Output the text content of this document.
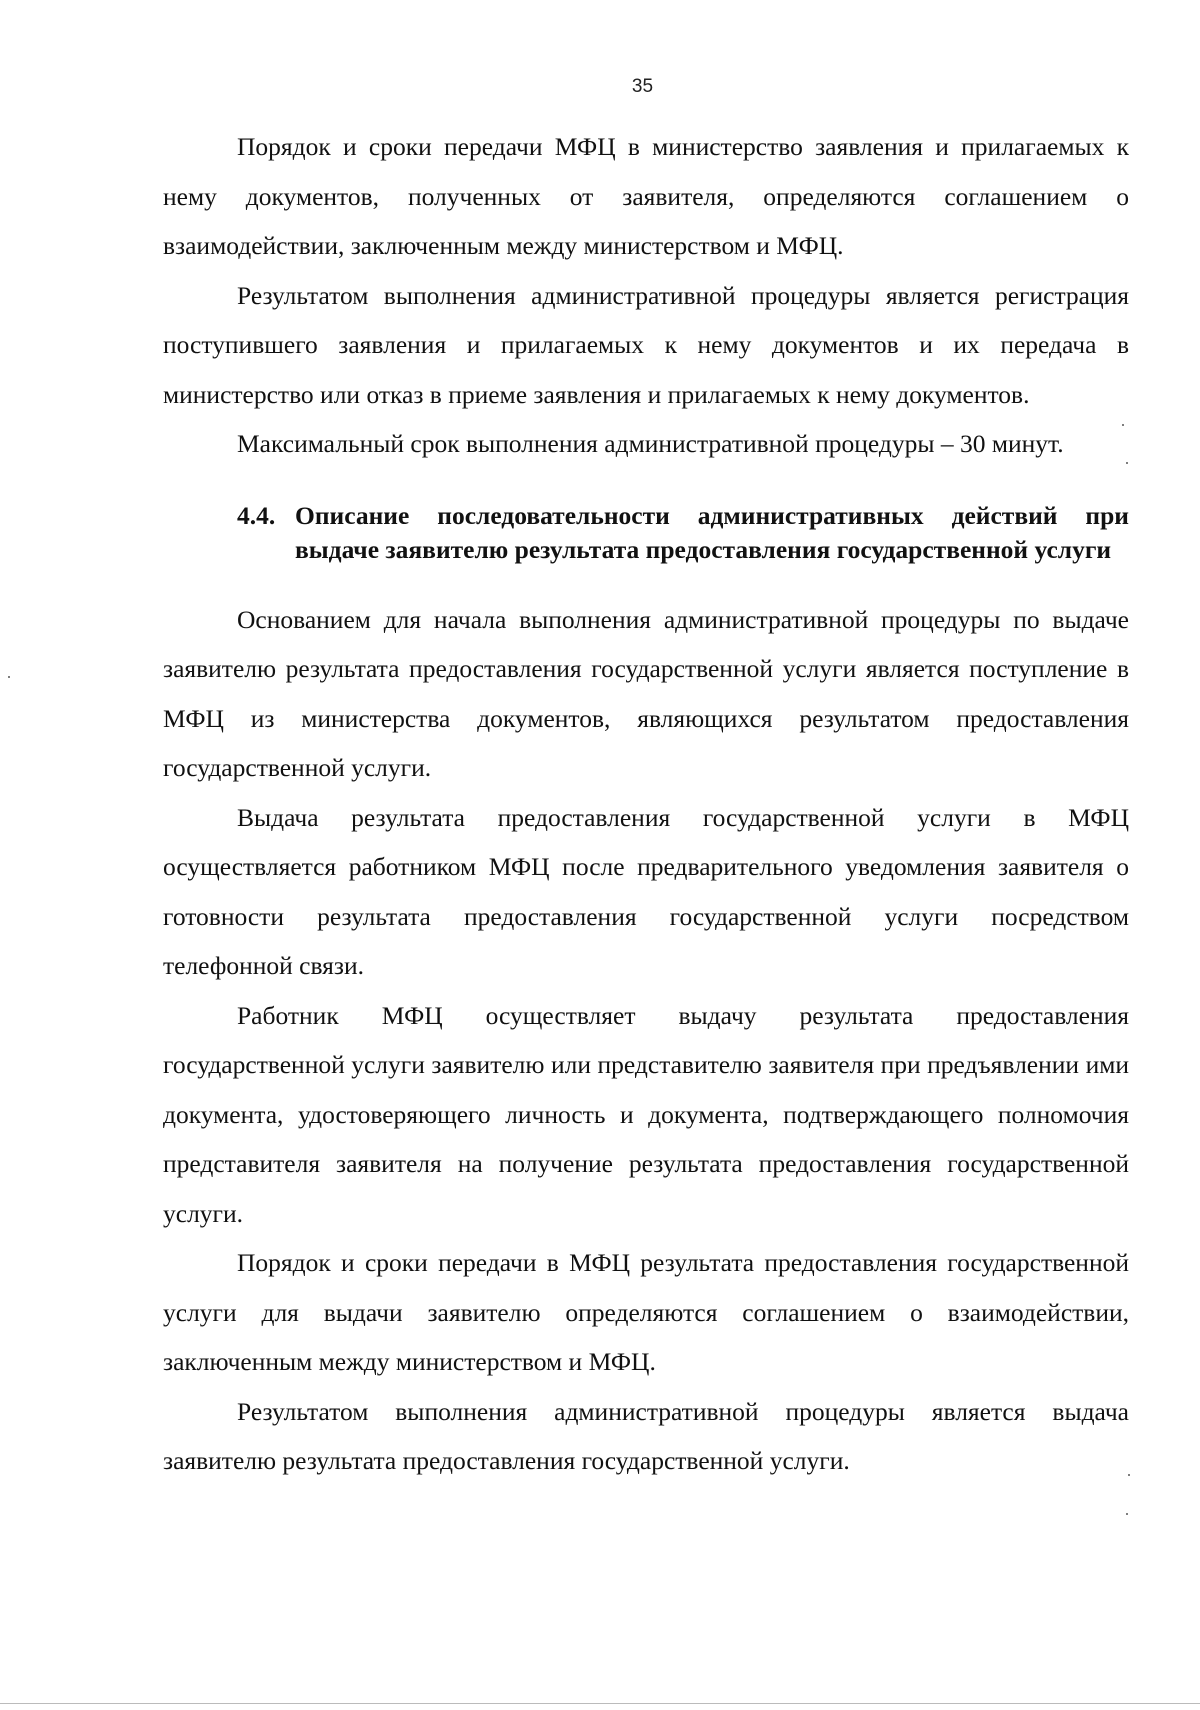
35

Порядок и сроки передачи МФЦ в министерство заявления и прилагаемых к нему документов, полученных от заявителя, определяются соглашением о взаимодействии, заключенным между министерством и МФЦ.

Результатом выполнения административной процедуры является регистрация поступившего заявления и прилагаемых к нему документов и их передача в министерство или отказ в приеме заявления и прилагаемых к нему документов.

Максимальный срок выполнения административной процедуры – 30 минут.

4.4. Описание последовательности административных действий при выдаче заявителю результата предоставления государственной услуги

Основанием для начала выполнения административной процедуры по выдаче заявителю результата предоставления государственной услуги является поступление в МФЦ из министерства документов, являющихся результатом предоставления государственной услуги.

Выдача результата предоставления государственной услуги в МФЦ осуществляется работником МФЦ после предварительного уведомления заявителя о готовности результата предоставления государственной услуги посредством телефонной связи.

Работник МФЦ осуществляет выдачу результата предоставления государственной услуги заявителю или представителю заявителя при предъявлении ими документа, удостоверяющего личность и документа, подтверждающего полномочия представителя заявителя на получение результата предоставления государственной услуги.

Порядок и сроки передачи в МФЦ результата предоставления государственной услуги для выдачи заявителю определяются соглашением о взаимодействии, заключенным между министерством и МФЦ.

Результатом выполнения административной процедуры является выдача заявителю результата предоставления государственной услуги.
